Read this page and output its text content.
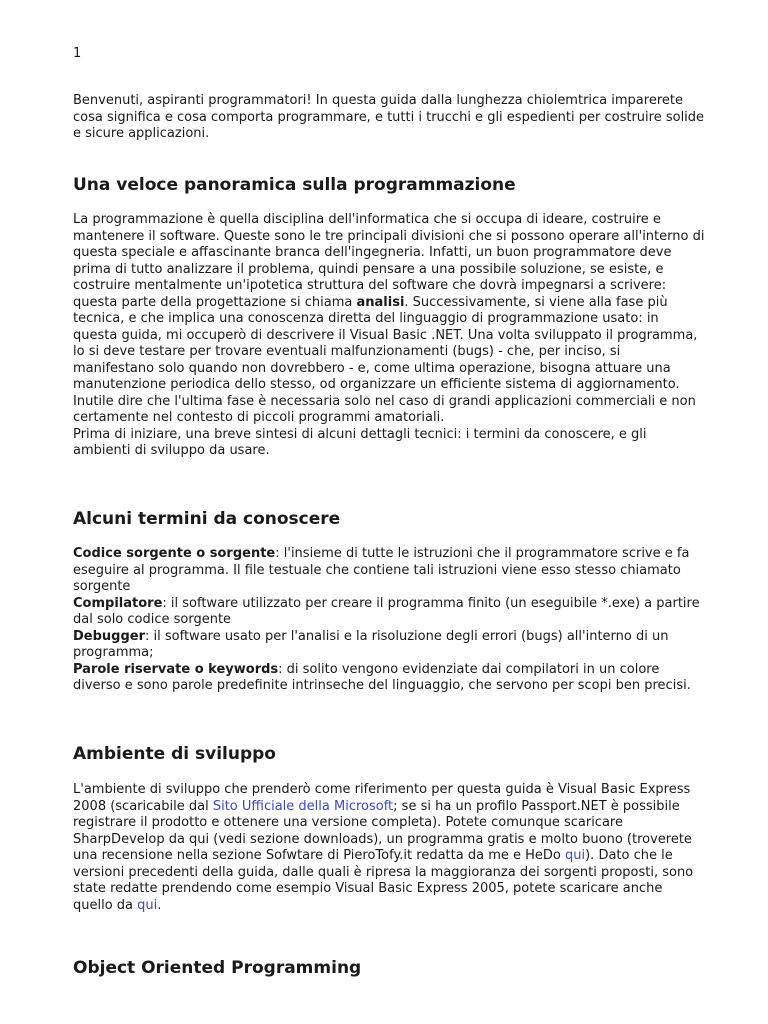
1

Benvenuti, aspiranti programmatori! In questa guida dalla lunghezza chiolemtrica imparerete cosa significa e cosa comporta programmare, e tutti i trucchi e gli espedienti per costruire solide e sicure applicazioni.

Una veloce panoramica sulla programmazione

La programmazione è quella disciplina dell'informatica che si occupa di ideare, costruire e mantenere il software. Queste sono le tre principali divisioni che si possono operare all'interno di questa speciale e affascinante branca dell'ingegneria. Infatti, un buon programmatore deve prima di tutto analizzare il problema, quindi pensare a una possibile soluzione, se esiste, e costruire mentalmente un'ipotetica struttura del software che dovrà impegnarsi a scrivere: questa parte della progettazione si chiama analisi. Successivamente, si viene alla fase più tecnica, e che implica una conoscenza diretta del linguaggio di programmazione usato: in questa guida, mi occuperò di descrivere il Visual Basic .NET. Una volta sviluppato il programma, lo si deve testare per trovare eventuali malfunzionamenti (bugs) - che, per inciso, si manifestano solo quando non dovrebbero - e, come ultima operazione, bisogna attuare una manutenzione periodica dello stesso, od organizzare un efficiente sistema di aggiornamento. Inutile dire che l'ultima fase è necessaria solo nel caso di grandi applicazioni commerciali e non certamente nel contesto di piccoli programmi amatoriali.
Prima di iniziare, una breve sintesi di alcuni dettagli tecnici: i termini da conoscere, e gli ambienti di sviluppo da usare.

Alcuni termini da conoscere

Codice sorgente o sorgente: l'insieme di tutte le istruzioni che il programmatore scrive e fa eseguire al programma. Il file testuale che contiene tali istruzioni viene esso stesso chiamato sorgente
Compilatore: il software utilizzato per creare il programma finito (un eseguibile *.exe) a partire dal solo codice sorgente
Debugger: il software usato per l'analisi e la risoluzione degli errori (bugs) all'interno di un programma;
Parole riservate o keywords: di solito vengono evidenziate dai compilatori in un colore diverso e sono parole predefinite intrinseche del linguaggio, che servono per scopi ben precisi.

Ambiente di sviluppo

L'ambiente di sviluppo che prenderò come riferimento per questa guida è Visual Basic Express 2008 (scaricabile dal Sito Ufficiale della Microsoft; se si ha un profilo Passport.NET è possibile registrare il prodotto e ottenere una versione completa). Potete comunque scaricare SharpDevelop da qui (vedi sezione downloads), un programma gratis e molto buono (troverete una recensione nella sezione Sofwtare di PieroTofy.it redatta da me e HeDo qui). Dato che le versioni precedenti della guida, dalle quali è ripresa la maggioranza dei sorgenti proposti, sono state redatte prendendo come esempio Visual Basic Express 2005, potete scaricare anche quello da qui.

Object Oriented Programming
